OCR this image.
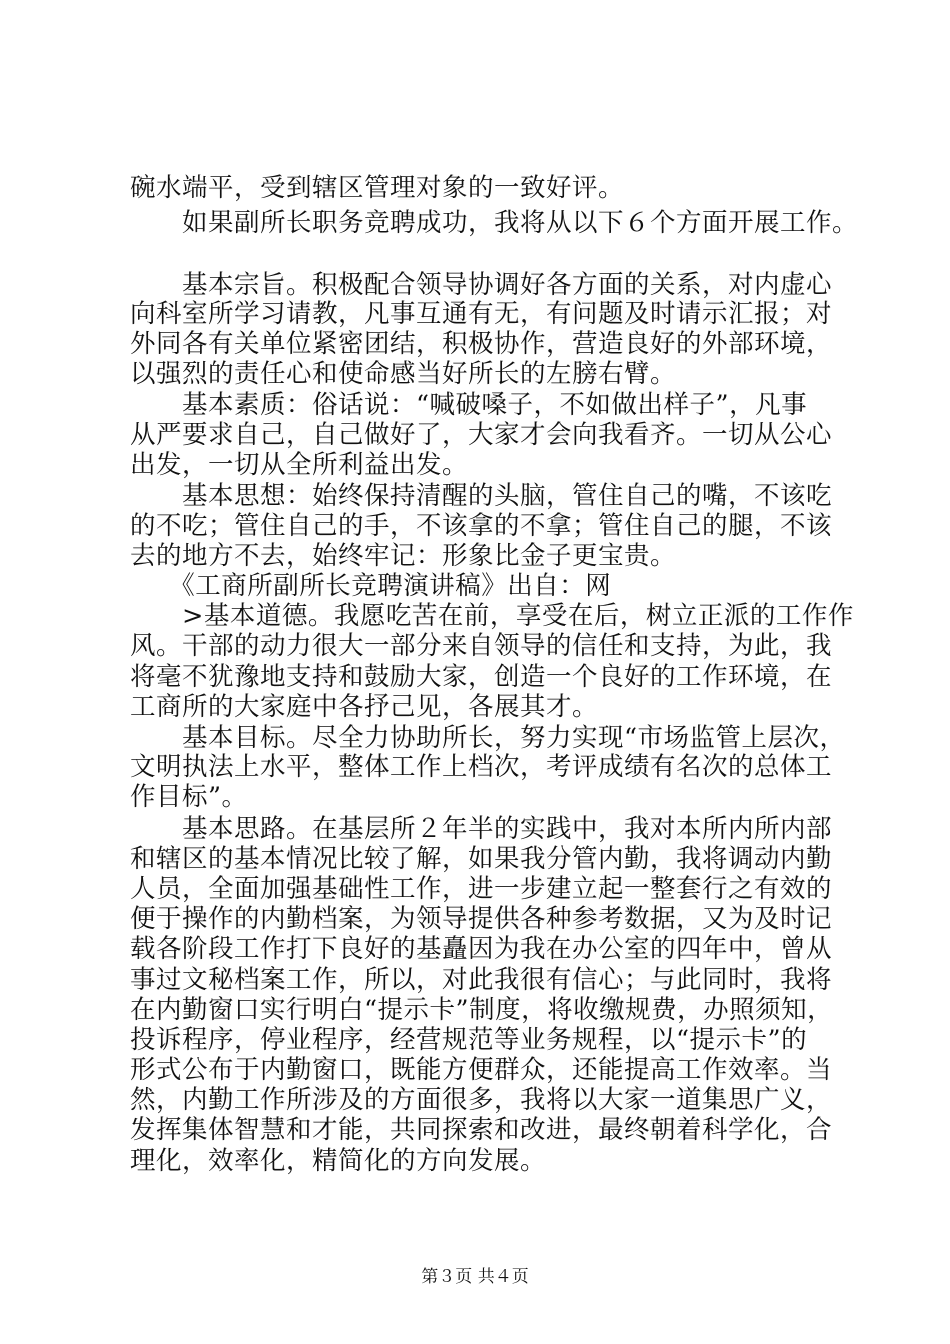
碗水端平，受到辖区管理对象的一致好评。
　　如果副所长职务竞聘成功，我将从以下６个方面开展工作。
　　基本宗旨。积极配合领导协调好各方面的关系，对内虚心
向科室所学习请教，凡事互通有无，有问题及时请示汇报；对
外同各有关单位紧密团结，积极协作，营造良好的外部环境，
以强烈的责任心和使命感当好所长的左膀右臂。
　　基本素质：俗话说：“喊破嗓子，不如做出样子”，凡事
从严要求自己，自己做好了，大家才会向我看齐。一切从公心
出发，一切从全所利益出发。
　　基本思想：始终保持清醒的头脑，管住自己的嘴，不该吃
的不吃；管住自己的手，不该拿的不拿；管住自己的腿，不该
去的地方不去，始终牢记：形象比金子更宝贵。
　　《工商所副所长竞聘演讲稿》出自：网
　　>基本道德。我愿吃苦在前，享受在后，树立正派的工作作
风。干部的动力很大一部分来自领导的信任和支持，为此，我
将毫不犹豫地支持和鼓励大家，创造一个良好的工作环境，在
工商所的大家庭中各抒己见，各展其才。
　　基本目标。尽全力协助所长，努力实现“市场监管上层次，
文明执法上水平，整体工作上档次，考评成绩有名次的总体工
作目标”。
　　基本思路。在基层所２年半的实践中，我对本所内所内部
和辖区的基本情况比较了解，如果我分管内勤，我将调动内勤
人员，全面加强基础性工作，进一步建立起一整套行之有效的
便于操作的内勤档案，为领导提供各种参考数据，又为及时记
载各阶段工作打下良好的基矗因为我在办公室的四年中，曾从
事过文秘档案工作，所以，对此我很有信心；与此同时，我将
在内勤窗口实行明白“提示卡”制度，将收缴规费，办照须知，
投诉程序，停业程序，经营规范等业务规程，以“提示卡”的
形式公布于内勤窗口，既能方便群众，还能提高工作效率。当
然，内勤工作所涉及的方面很多，我将以大家一道集思广义，
发挥集体智慧和才能，共同探索和改进，最终朝着科学化，合
理化，效率化，精简化的方向发展。
第３页 共４页
